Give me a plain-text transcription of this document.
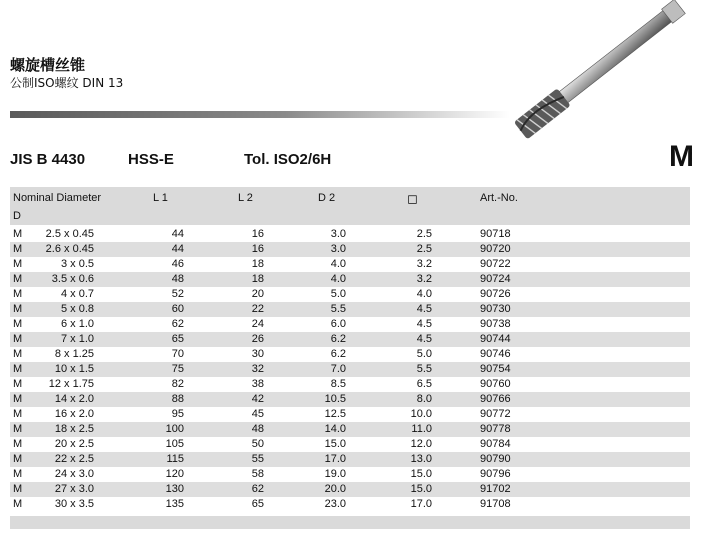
螺旋槽丝锥
公制ISO螺纹 DIN 13
JIS B 4430	HSS-E	Tol. ISO2/6H	M
Nominal Diameter
D
L 1	L 2	D 2	◻	Art.-No.
M	2.5 x 0.45	44	16	3.0	2.5	90718
M	2.6 x 0.45	44	16	3.0	2.5	90720
M	3 x 0.5	46	18	4.0	3.2	90722
M	3.5 x 0.6	48	18	4.0	3.2	90724
M	4 x 0.7	52	20	5.0	4.0	90726
M	5 x 0.8	60	22	5.5	4.5	90730
M	6 x 1.0	62	24	6.0	4.5	90738
M	7 x 1.0	65	26	6.2	4.5	90744
M	8 x 1.25	70	30	6.2	5.0	90746
M	10 x 1.5	75	32	7.0	5.5	90754
M	12 x 1.75	82	38	8.5	6.5	90760
M	14 x 2.0	88	42	10.5	8.0	90766
M	16 x 2.0	95	45	12.5	10.0	90772
M	18 x 2.5	100	48	14.0	11.0	90778
M	20 x 2.5	105	50	15.0	12.0	90784
M	22 x 2.5	115	55	17.0	13.0	90790
M	24 x 3.0	120	58	19.0	15.0	90796
M	27 x 3.0	130	62	20.0	15.0	91702
M	30 x 3.5	135	65	23.0	17.0	91708
